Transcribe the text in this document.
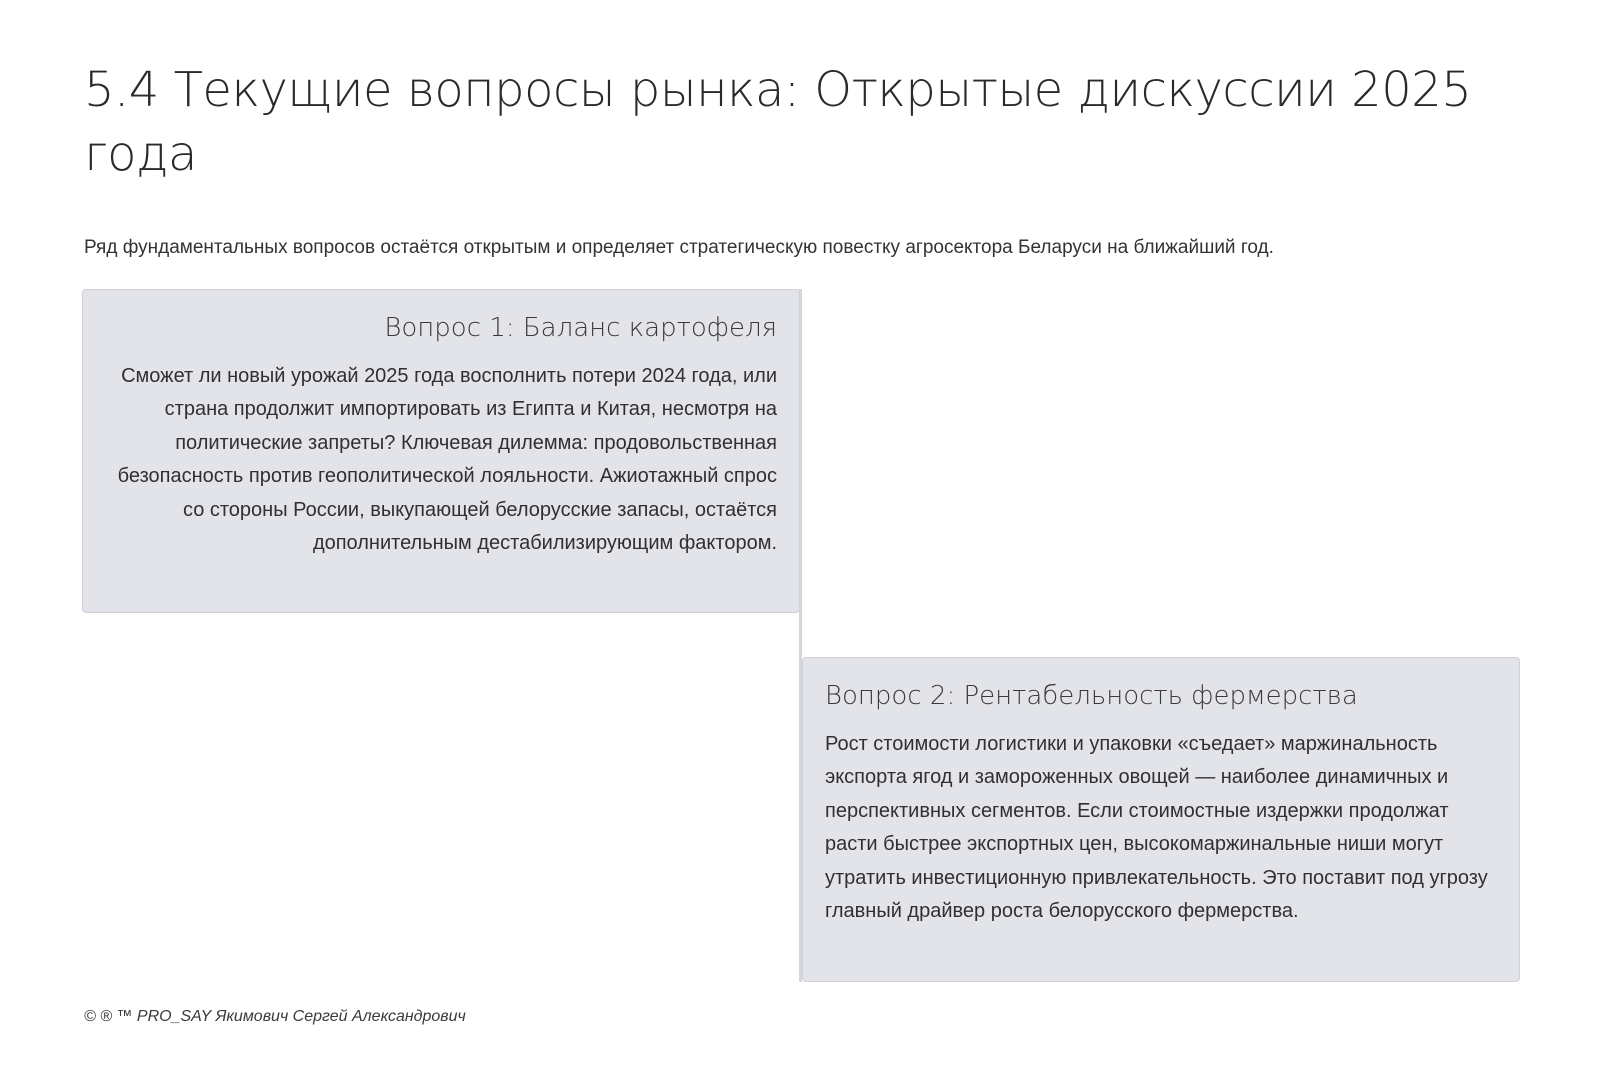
5.4 Текущие вопросы рынка: Открытые дискуссии 2025 года

Ряд фундаментальных вопросов остаётся открытым и определяет стратегическую повестку агросектора Беларуси на ближайший год.

Вопрос 1: Баланс картофеля

Сможет ли новый урожай 2025 года восполнить потери 2024 года, или страна продолжит импортировать из Египта и Китая, несмотря на политические запреты? Ключевая дилемма: продовольственная безопасность против геополитической лояльности. Ажиотажный спрос со стороны России, выкупающей белорусские запасы, остаётся дополнительным дестабилизирующим фактором.

Вопрос 2: Рентабельность фермерства

Рост стоимости логистики и упаковки «съедает» маржинальность экспорта ягод и замороженных овощей — наиболее динамичных и перспективных сегментов. Если стоимостные издержки продолжат расти быстрее экспортных цен, высокомаржинальные ниши могут утратить инвестиционную привлекательность. Это поставит под угрозу главный драйвер роста белорусского фермерства.

© ® ™ PRO_SAY Якимович Сергей Александрович
